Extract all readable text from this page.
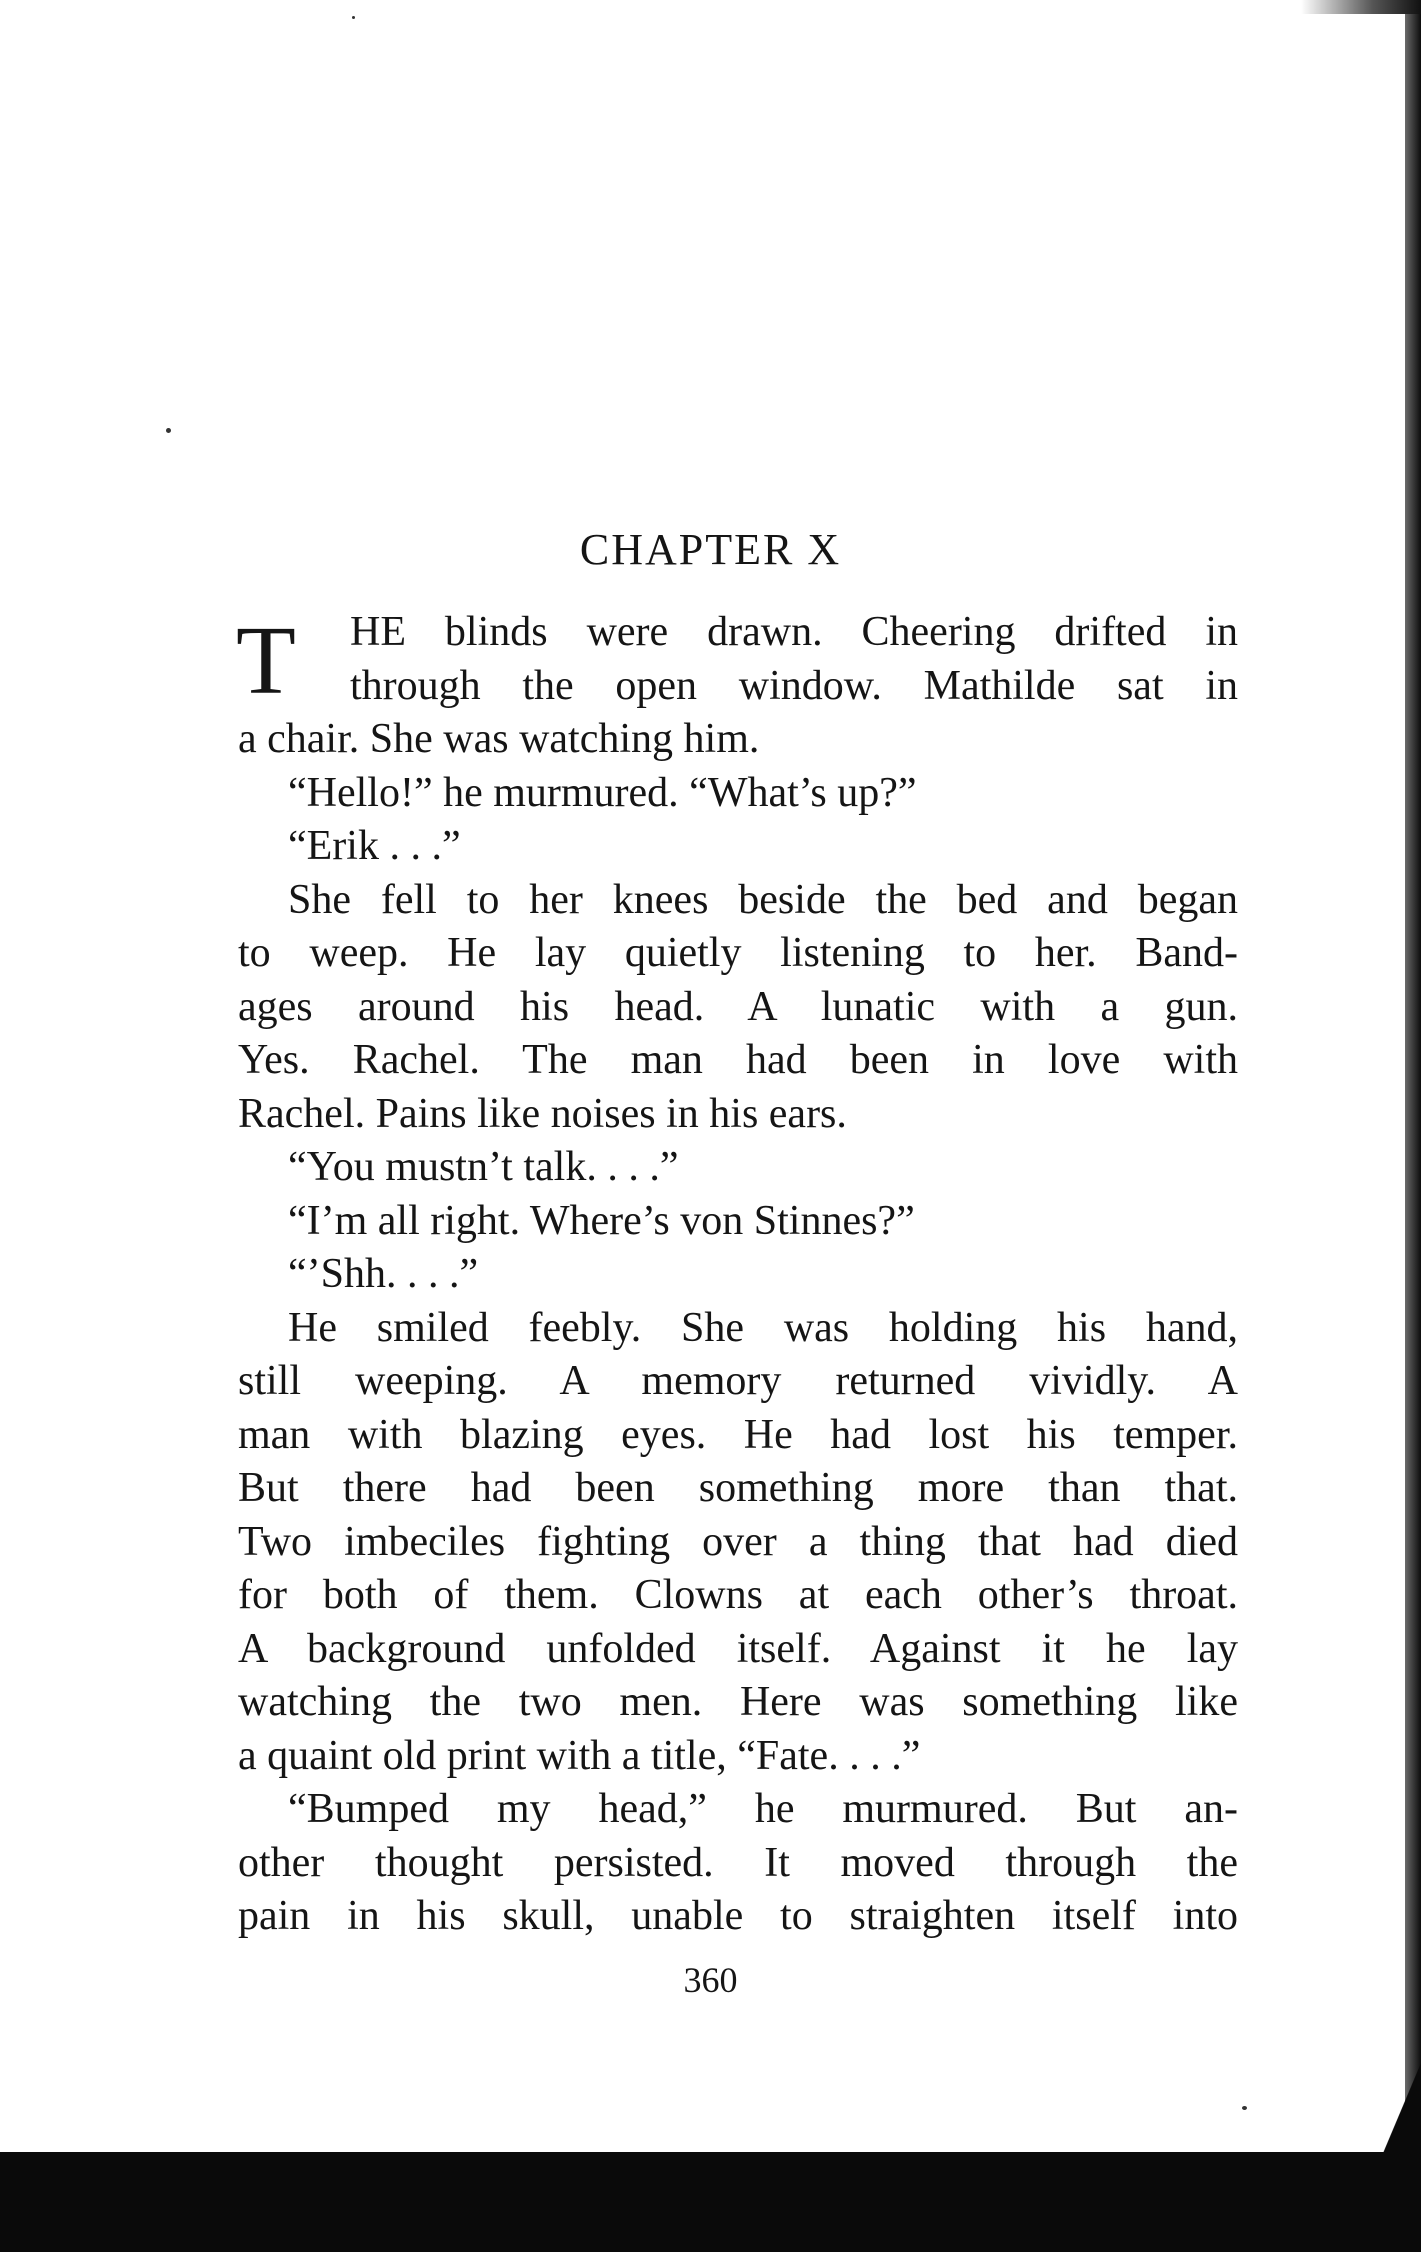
CHAPTER X
T	HE blinds were drawn. Cheering drifted in
through the open window. Mathilde sat in
a chair. She was watching him.
“Hello!” he murmured. “What’s up?”
“Erik . . .”
She fell to her knees beside the bed and began
to weep. He lay quietly listening to her. Band-
ages around his head. A lunatic with a gun.
Yes. Rachel. The man had been in love with
Rachel. Pains like noises in his ears.
“You mustn’t talk. . . .”
“I’m all right. Where’s von Stinnes?”
“’Shh. . . .”
He smiled feebly. She was holding his hand,
still weeping. A memory returned vividly. A
man with blazing eyes. He had lost his temper.
But there had been something more than that.
Two imbeciles fighting over a thing that had died
for both of them. Clowns at each other’s throat.
A background unfolded itself. Against it he lay
watching the two men. Here was something like
a quaint old print with a title, “Fate. . . .”
“Bumped my head,” he murmured. But an-
other thought persisted. It moved through the
pain in his skull, unable to straighten itself into
360
